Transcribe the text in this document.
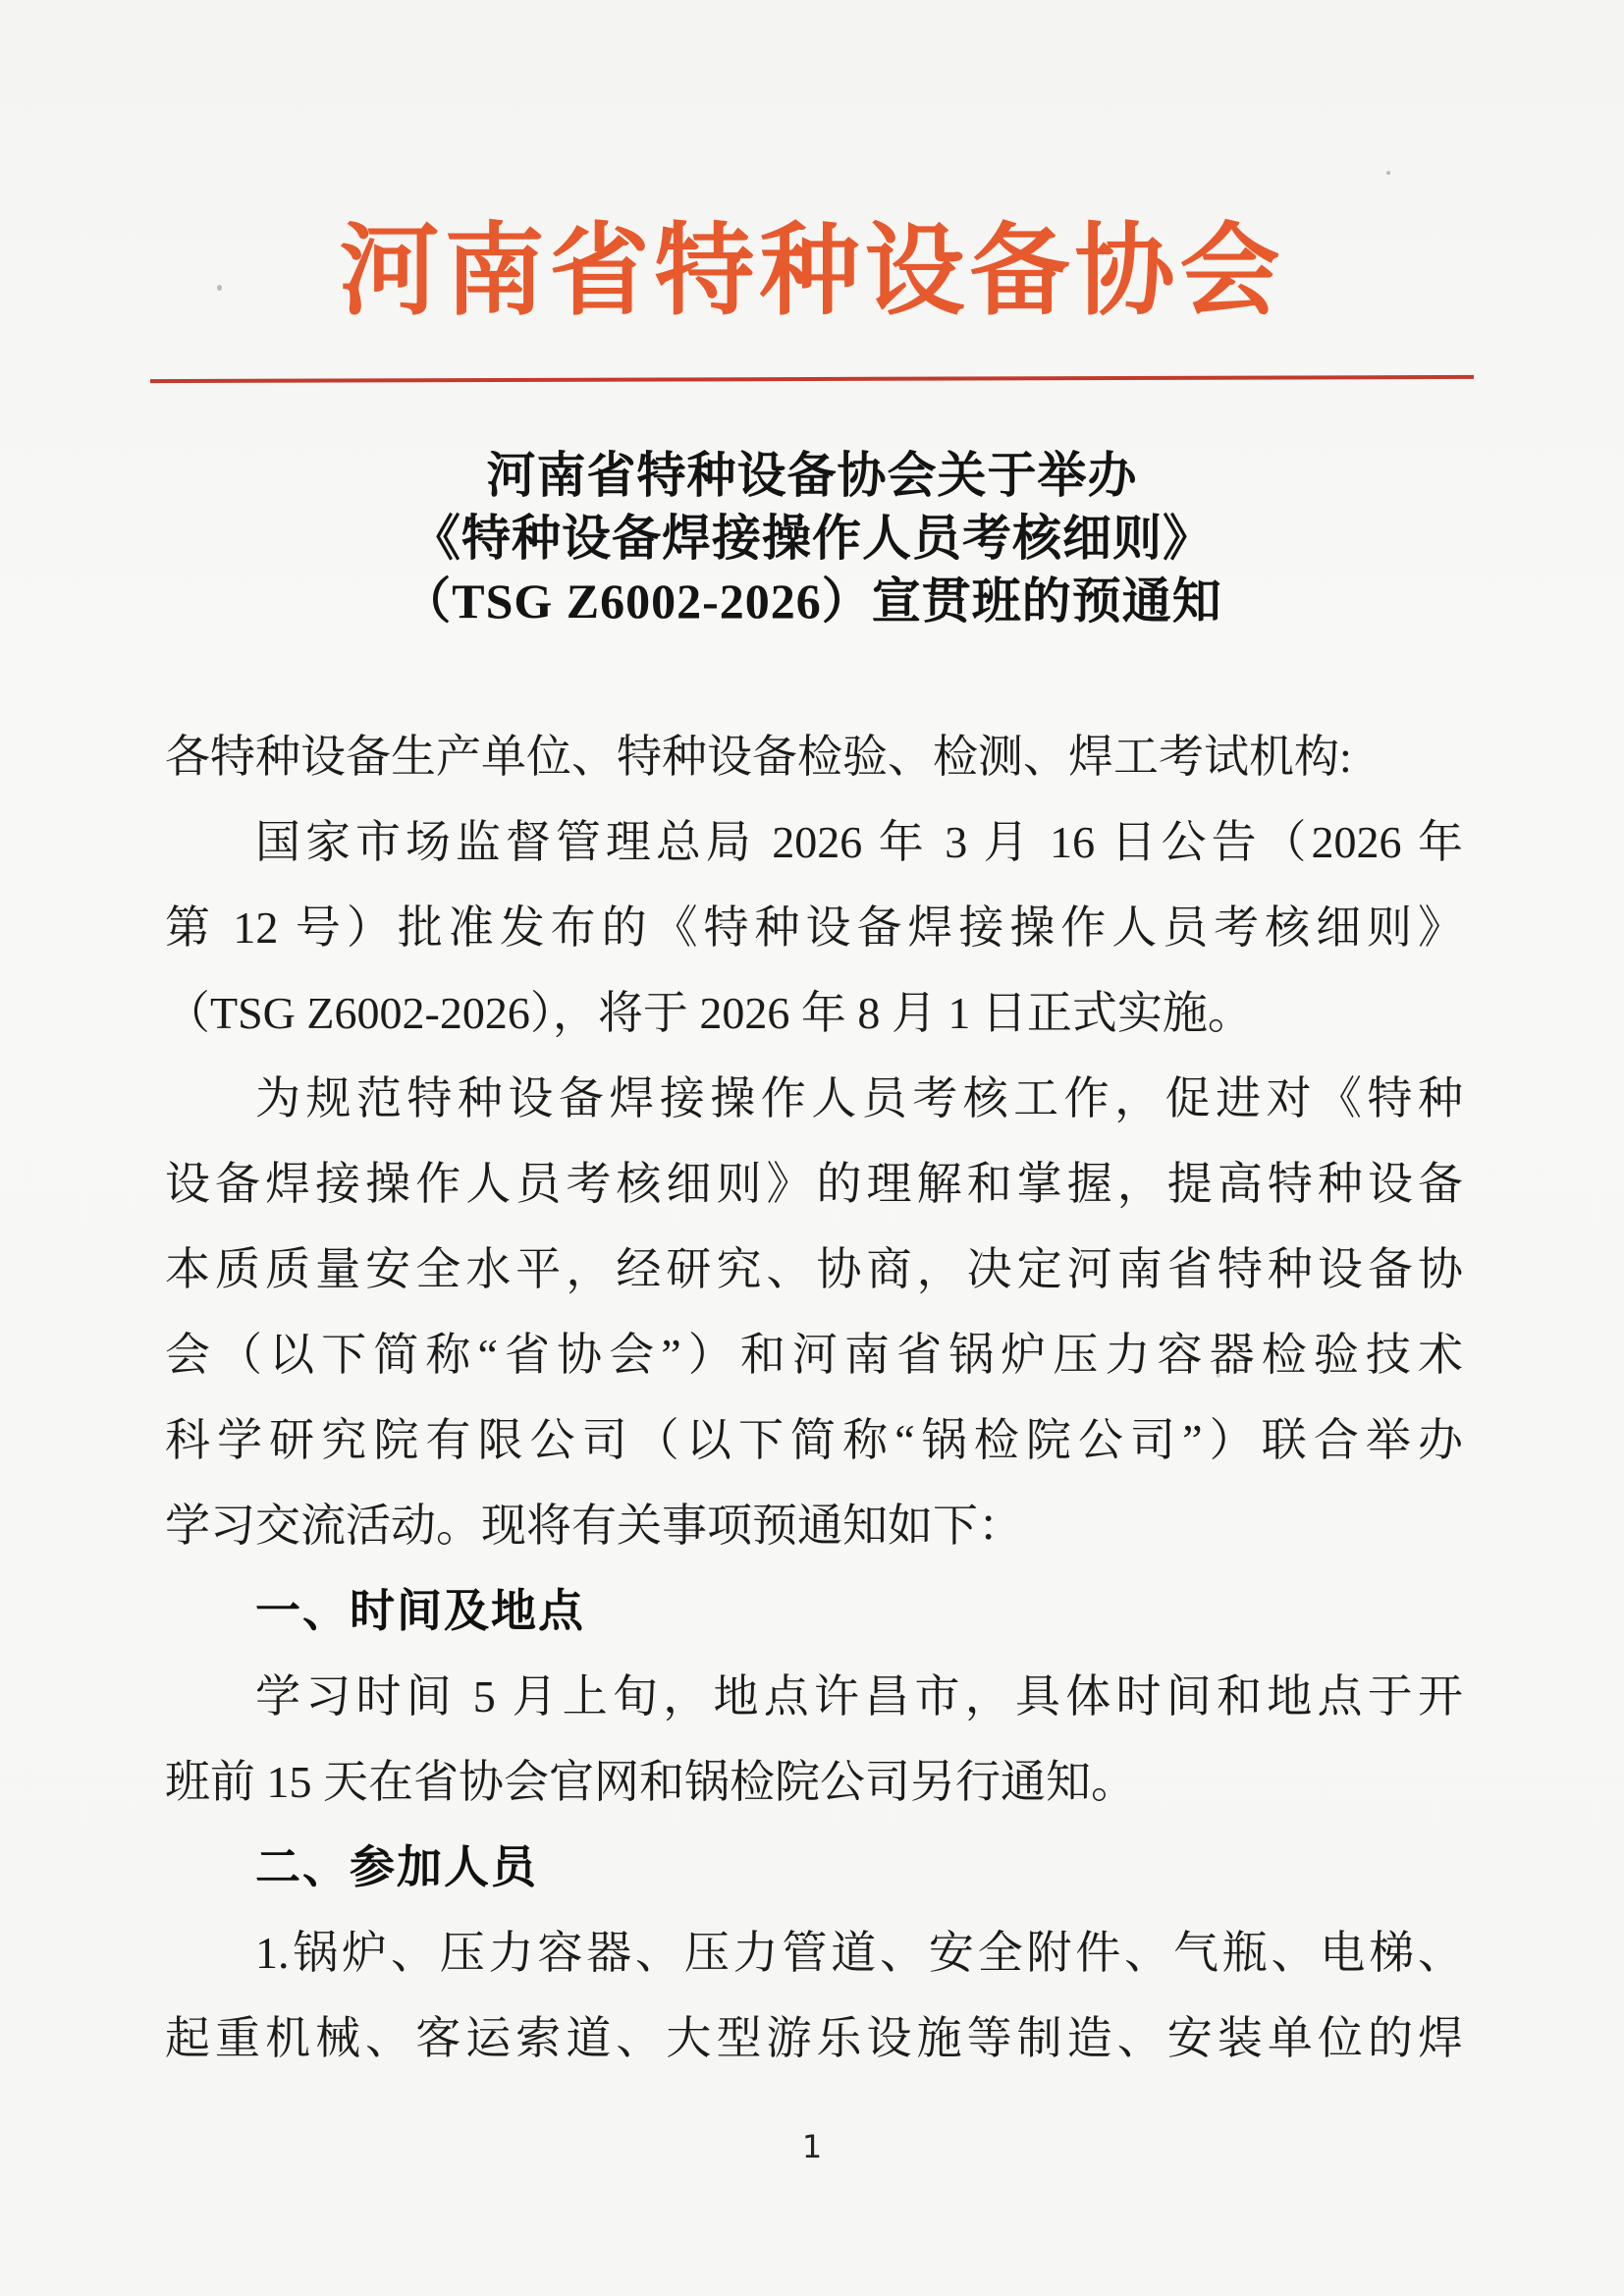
河南省特种设备协会
河南省特种设备协会关于举办
《特种设备焊接操作人员考核细则》
（TSG Z6002-2026）宣贯班的预通知
各特种设备生产单位、特种设备检验、检测、焊工考试机构:
国家市场监督管理总局 2026 年 3 月 16 日公告（2026 年
第 12 号）批准发布的《特种设备焊接操作人员考核细则》
（TSG Z6002-2026），将于 2026 年 8 月 1 日正式实施。
为规范特种设备焊接操作人员考核工作，促进对《特种
设备焊接操作人员考核细则》的理解和掌握，提高特种设备
本质质量安全水平，经研究、协商，决定河南省特种设备协
会（以下简称“省协会”）和河南省锅炉压力容器检验技术
科学研究院有限公司（以下简称“锅检院公司”）联合举办
学习交流活动。现将有关事项预通知如下：
一、时间及地点
学习时间 5 月上旬，地点许昌市，具体时间和地点于开
班前 15 天在省协会官网和锅检院公司另行通知。
二、参加人员
1.锅炉、压力容器、压力管道、安全附件、气瓶、电梯、
起重机械、客运索道、大型游乐设施等制造、安装单位的焊
1
